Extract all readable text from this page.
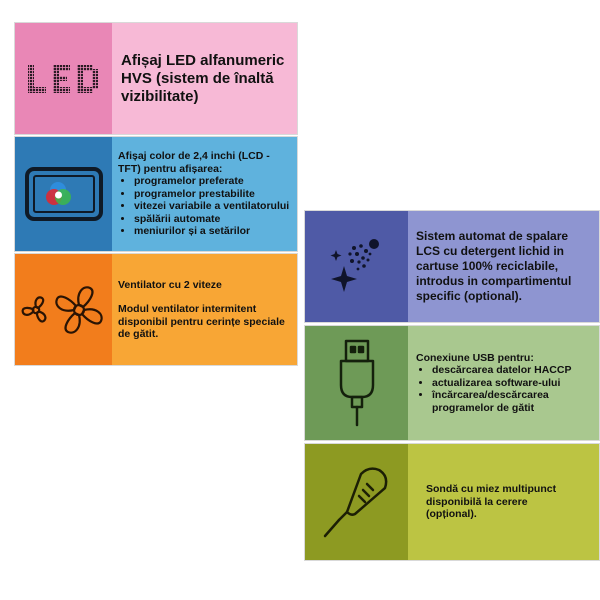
Afișaj LED alfanumeric HVS (sistem de înaltă vizibilitate)

Afișaj color de 2,4 inchi (LCD - TFT) pentru afișarea:

• programelor preferate
• programelor prestabilite
• vitezei variabile a ventilatorului
• spălării automate
• meniurilor și a setărilor

Ventilator cu 2 viteze

Modul ventilator intermitent disponibil pentru cerințe speciale de gătit.

Sistem automat de spalare LCS cu detergent lichid in cartuse 100% reciclabile, introdus in compartimentul specific (optional).

Conexiune USB pentru:

• descărcarea datelor HACCP
• actualizarea software-ului
• încărcarea/descărcarea programelor de gătit

Sondă cu miez multipunct disponibilă la cerere (opțional).
